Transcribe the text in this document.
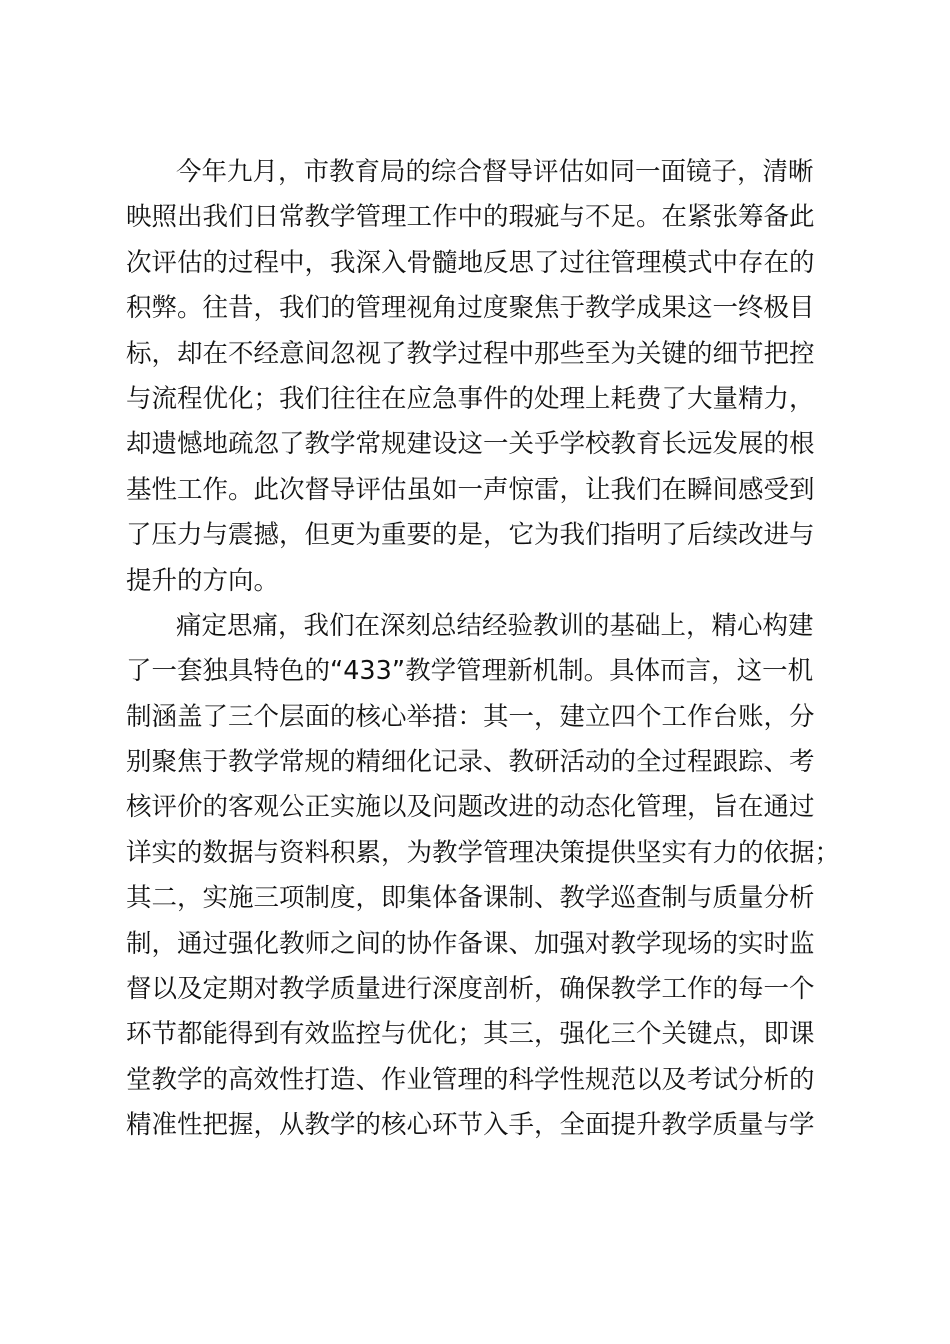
今年九月，市教育局的综合督导评估如同一面镜子，清晰
映照出我们日常教学管理工作中的瑕疵与不足。在紧张筹备此
次评估的过程中，我深入骨髓地反思了过往管理模式中存在的
积弊。往昔，我们的管理视角过度聚焦于教学成果这一终极目
标，却在不经意间忽视了教学过程中那些至为关键的细节把控
与流程优化；我们往往在应急事件的处理上耗费了大量精力，
却遗憾地疏忽了教学常规建设这一关乎学校教育长远发展的根
基性工作。此次督导评估虽如一声惊雷，让我们在瞬间感受到
了压力与震撼，但更为重要的是，它为我们指明了后续改进与
提升的方向。
痛定思痛，我们在深刻总结经验教训的基础上，精心构建
了一套独具特色的“433”教学管理新机制。具体而言，这一机
制涵盖了三个层面的核心举措：其一，建立四个工作台账，分
别聚焦于教学常规的精细化记录、教研活动的全过程跟踪、考
核评价的客观公正实施以及问题改进的动态化管理，旨在通过
详实的数据与资料积累，为教学管理决策提供坚实有力的依据；
其二，实施三项制度，即集体备课制、教学巡查制与质量分析
制，通过强化教师之间的协作备课、加强对教学现场的实时监
督以及定期对教学质量进行深度剖析，确保教学工作的每一个
环节都能得到有效监控与优化；其三，强化三个关键点，即课
堂教学的高效性打造、作业管理的科学性规范以及考试分析的
精准性把握，从教学的核心环节入手，全面提升教学质量与学
